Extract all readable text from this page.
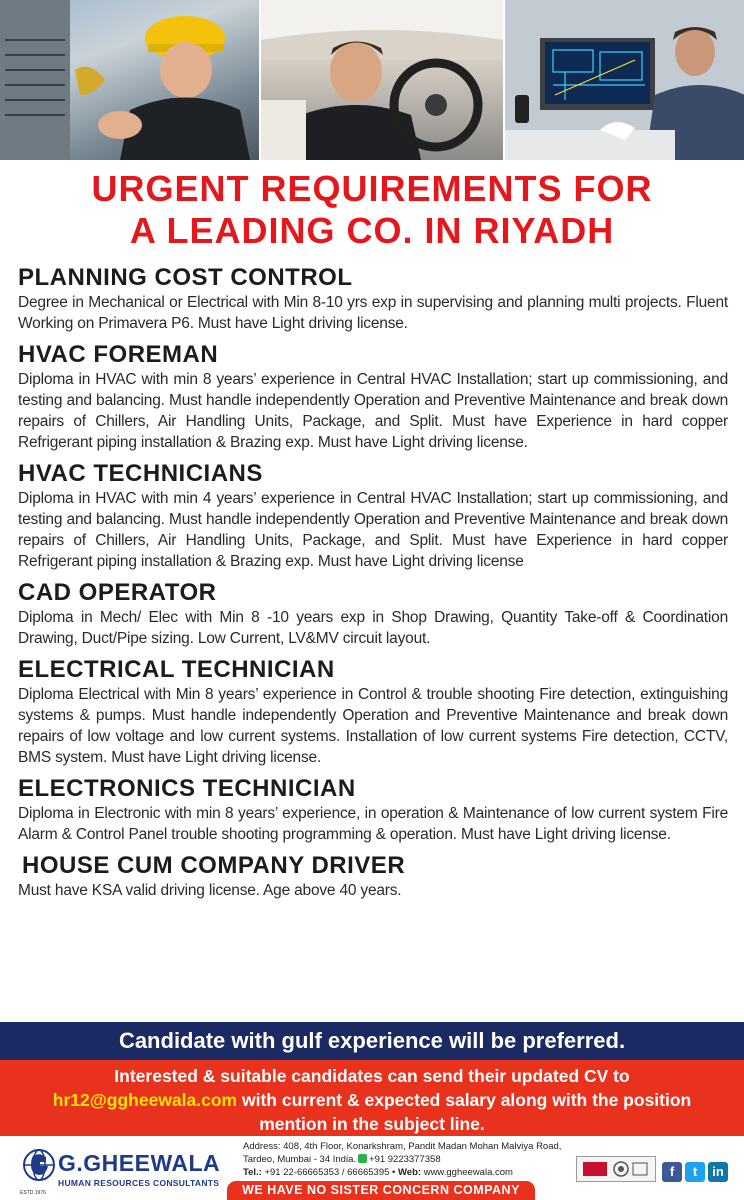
URGENT REQUIREMENTS FOR
A LEADING CO. IN RIYADH
PLANNING COST CONTROL

Degree in Mechanical or Electrical with Min 8-10 yrs exp in supervising and planning multi projects. Fluent Working on Primavera P6. Must have Light driving license.

HVAC FOREMAN

Diploma in HVAC with min 8 years’ experience in Central HVAC Installation; start up commissioning, and testing and balancing. Must handle independently Operation and Preventive Maintenance and break down repairs of Chillers, Air Handling Units, Package, and Split. Must have Experience in hard copper Refrigerant piping installation & Brazing exp. Must have Light driving license.

HVAC TECHNICIANS

Diploma in HVAC with min 4 years’ experience in Central HVAC Installation; start up commissioning, and testing and balancing. Must handle independently Operation and Preventive Maintenance and break down repairs of Chillers, Air Handling Units, Package, and Split. Must have Experience in hard copper Refrigerant piping installation & Brazing exp. Must have Light driving license

CAD OPERATOR

Diploma in Mech/ Elec with Min 8 -10 years exp in Shop Drawing, Quantity Take-off & Coordination Drawing, Duct/Pipe sizing. Low Current, LV&MV circuit layout.

ELECTRICAL TECHNICIAN

Diploma Electrical with Min 8 years’ experience in Control & trouble shooting Fire detection, extinguishing systems & pumps. Must handle independently Operation and Preventive Maintenance and break down repairs of low voltage and low current systems. Installation of low current systems Fire detection, CCTV, BMS system. Must have Light driving license.

ELECTRONICS TECHNICIAN

Diploma in Electronic with min 8 years’ experience, in operation & Maintenance of low current system Fire Alarm & Control Panel trouble shooting programming & operation. Must have Light driving license.

HOUSE CUM COMPANY DRIVER

Must have KSA valid driving license. Age above 40 years.

Candidate with gulf experience will be preferred.
Interested & suitable candidates can send their updated CV to
hr12@ggheewala.com with current & expected salary along with the position
mention in the subject line.
G.GHEEWALA
HUMAN RESOURCES CONSULTANTS
ESTD 1976
Address: 408, 4th Floor, Konarkshram, Pandit Madan Mohan Malviya Road,
Tardeo, Mumbai - 34 India. +91 9223377358
Tel.: +91 22-66665353 / 66665395 • Web: www.ggheewala.com	f	t	in
WE HAVE NO SISTER CONCERN COMPANY
